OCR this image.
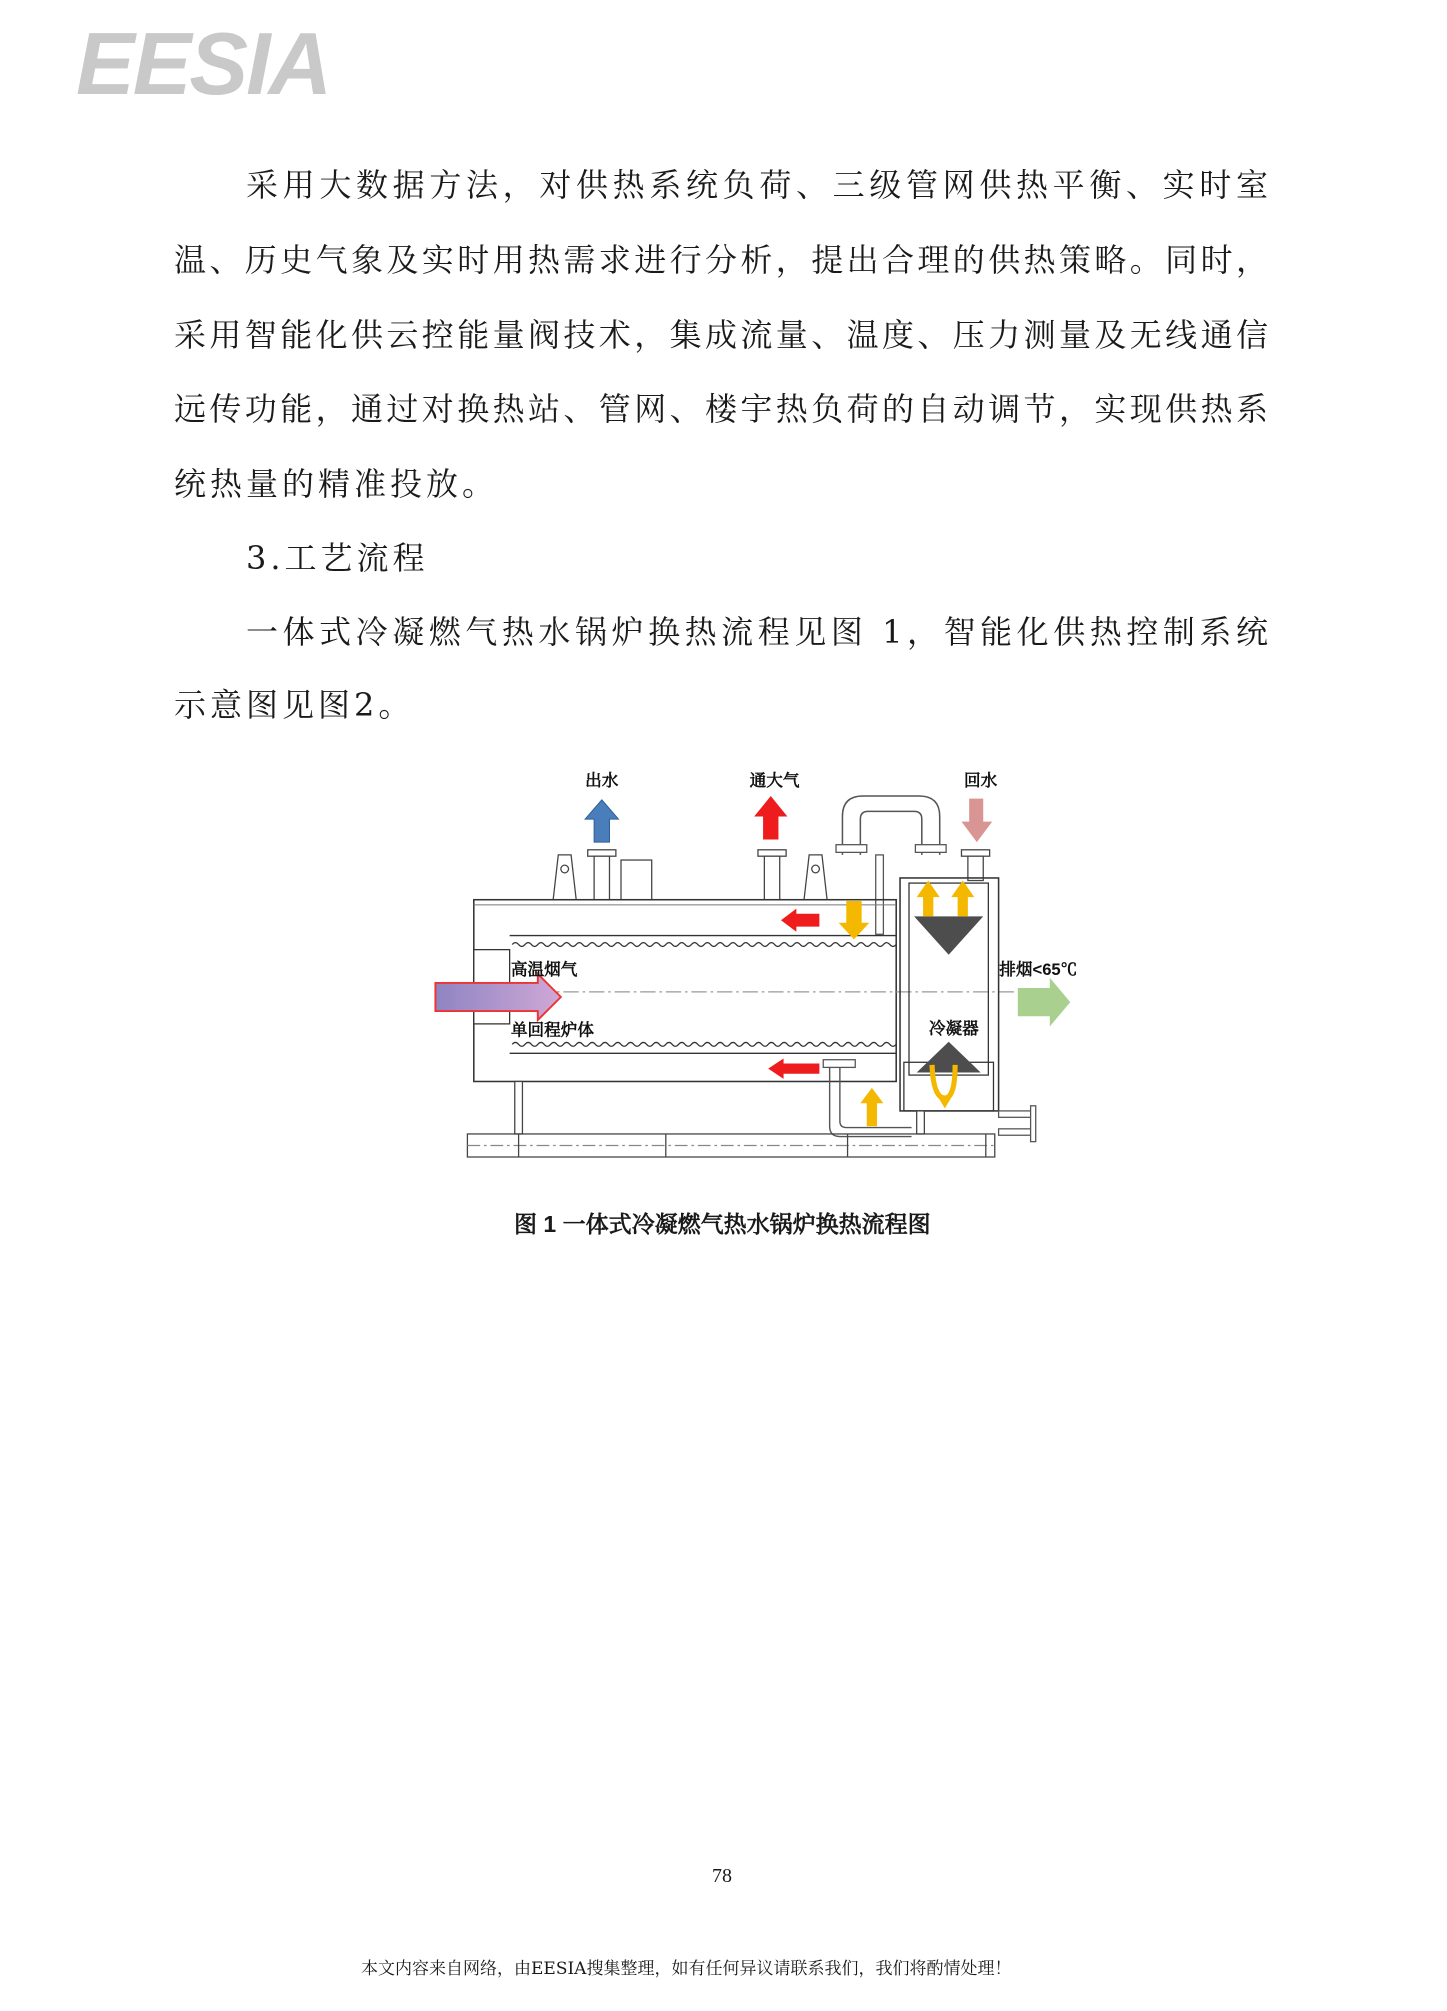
EESIA
采用大数据方法，对供热系统负荷、三级管网供热平衡、实时室
温、历史气象及实时用热需求进行分析，提出合理的供热策略。同时，
采用智能化供云控能量阀技术，集成流量、温度、压力测量及无线通信
远传功能，通过对换热站、管网、楼宇热负荷的自动调节，实现供热系
统热量的精准投放。
3.工艺流程
一体式冷凝燃气热水锅炉换热流程见图 1，智能化供热控制系统
示意图见图2。
出水	通大气	回水
高温烟气
单回程炉体	冷凝器
排烟<65℃
图 1 一体式冷凝燃气热水锅炉换热流程图
78
本文内容来自网络，由EESIA搜集整理，如有任何异议请联系我们，我们将酌情处理！
